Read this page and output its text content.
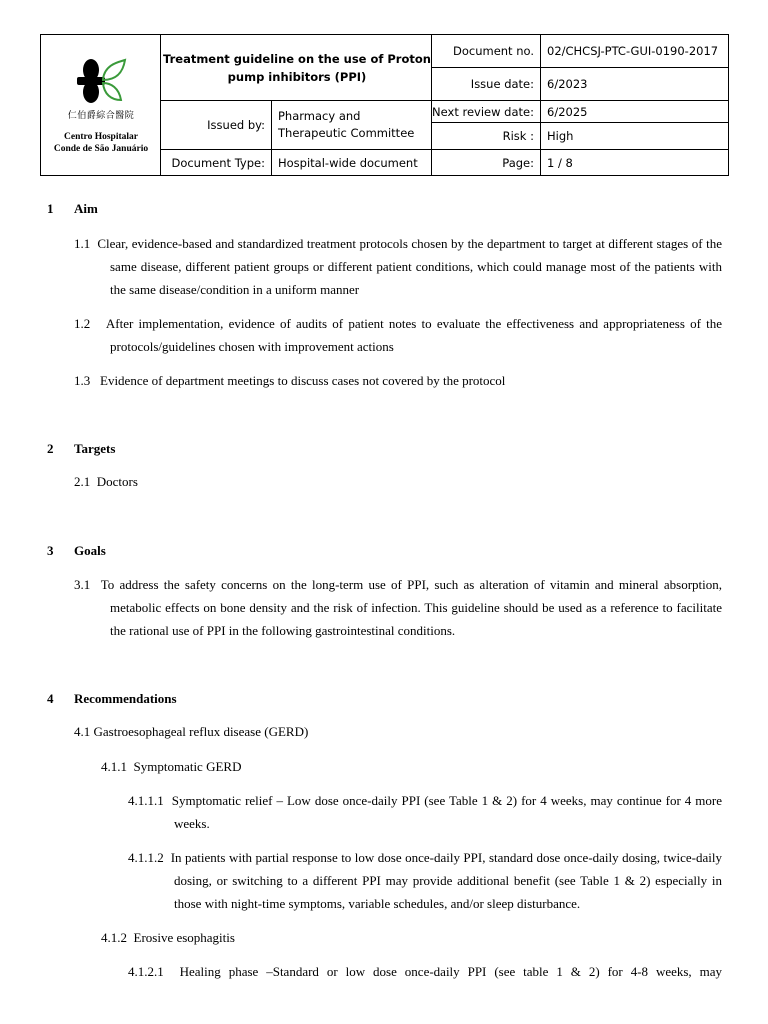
仁伯爵綜合醫院
Centro Hospitalar
Conde de São Januário
Treatment guideline on the use of Proton pump inhibitors (PPI)
Issued by:
Pharmacy and
Therapeutic Committee
Document Type:	Hospital-wide document
Document no.	02/CHCSJ-PTC-GUI-0190-2017
Issue date:	6/2023
Next review date:	6/2025
Risk :	High
Page:	1 / 8
1 Aim
1.1 Clear, evidence-based and standardized treatment protocols chosen by the department to target at different stages of the same disease, different patient groups or different patient conditions, which could manage most of the patients with the same disease/condition in a uniform manner
1.2 After implementation, evidence of audits of patient notes to evaluate the effectiveness and appropriateness of the protocols/guidelines chosen with improvement actions
1.3 Evidence of department meetings to discuss cases not covered by the protocol
2 Targets
2.1 Doctors
3 Goals
3.1 To address the safety concerns on the long-term use of PPI, such as alteration of vitamin and mineral absorption, metabolic effects on bone density and the risk of infection. This guideline should be used as a reference to facilitate the rational use of PPI in the following gastrointestinal conditions.
4 Recommendations
4.1 Gastroesophageal reflux disease (GERD)
4.1.1 Symptomatic GERD
4.1.1.1 Symptomatic relief – Low dose once-daily PPI (see Table 1 & 2) for 4 weeks, may continue for 4 more weeks.
4.1.1.2 In patients with partial response to low dose once-daily PPI, standard dose once-daily dosing, twice-daily dosing, or switching to a different PPI may provide additional benefit (see Table 1 & 2) especially in those with night-time symptoms, variable schedules, and/or sleep disturbance.
4.1.2 Erosive esophagitis
4.1.2.1 Healing phase –Standard or low dose once-daily PPI (see table 1 & 2) for 4-8 weeks, may
